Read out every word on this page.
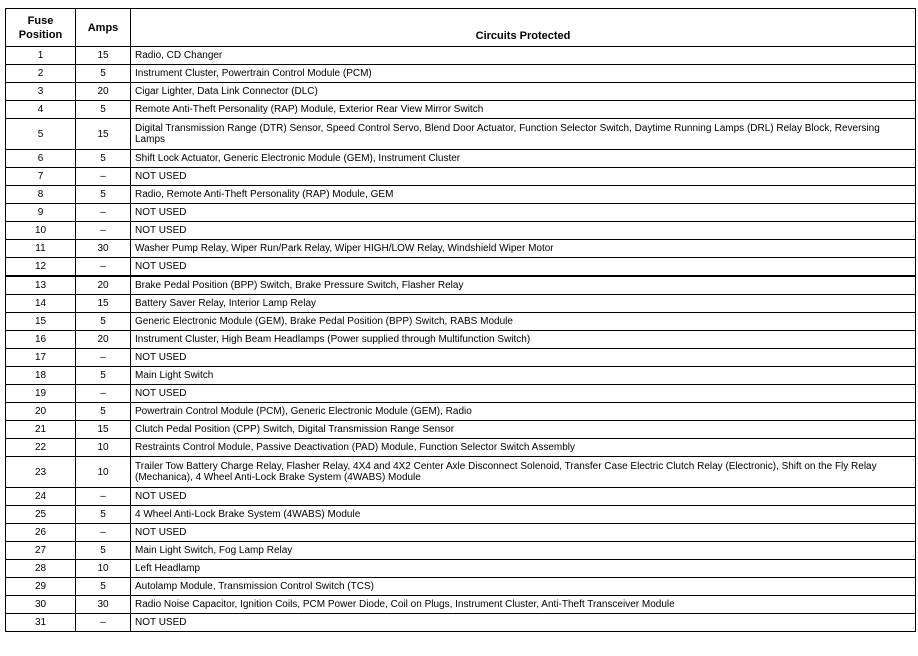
Fuse
Position	Amps	Circuits Protected
1	15	Radio, CD Changer
2	5	Instrument Cluster, Powertrain Control Module (PCM)
3	20	Cigar Lighter, Data Link Connector (DLC)
4	5	Remote Anti-Theft Personality (RAP) Module, Exterior Rear View Mirror Switch
5	15	Digital Transmission Range (DTR) Sensor, Speed Control Servo, Blend Door Actuator, Function Selector Switch, Daytime Running Lamps (DRL) Relay Block, Reversing Lamps
6	5	Shift Lock Actuator, Generic Electronic Module (GEM), Instrument Cluster
7	–	NOT USED
8	5	Radio, Remote Anti-Theft Personality (RAP) Module, GEM
9	–	NOT USED
10	–	NOT USED
11	30	Washer Pump Relay, Wiper Run/Park Relay, Wiper HIGH/LOW Relay, Windshield Wiper Motor
12	–	NOT USED
13	20	Brake Pedal Position (BPP) Switch, Brake Pressure Switch, Flasher Relay
14	15	Battery Saver Relay, Interior Lamp Relay
15	5	Generic Electronic Module (GEM), Brake Pedal Position (BPP) Switch, RABS Module
16	20	Instrument Cluster, High Beam Headlamps (Power supplied through Multifunction Switch)
17	–	NOT USED
18	5	Main Light Switch
19	–	NOT USED
20	5	Powertrain Control Module (PCM), Generic Electronic Module (GEM), Radio
21	15	Clutch Pedal Position (CPP) Switch, Digital Transmission Range Sensor
22	10	Restraints Control Module, Passive Deactivation (PAD) Module, Function Selector Switch Assembly
23	10	Trailer Tow Battery Charge Relay, Flasher Relay, 4X4 and 4X2 Center Axle Disconnect Solenoid, Transfer Case Electric Clutch Relay (Electronic), Shift on the Fly Relay (Mechanica), 4 Wheel Anti-Lock Brake System (4WABS) Module
24	–	NOT USED
25	5	4 Wheel Anti-Lock Brake System (4WABS) Module
26	–	NOT USED
27	5	Main Light Switch, Fog Lamp Relay
28	10	Left Headlamp
29	5	Autolamp Module, Transmission Control Switch (TCS)
30	30	Radio Noise Capacitor, Ignition Coils, PCM Power Diode, Coil on Plugs, Instrument Cluster, Anti-Theft Transceiver Module
31	–	NOT USED
